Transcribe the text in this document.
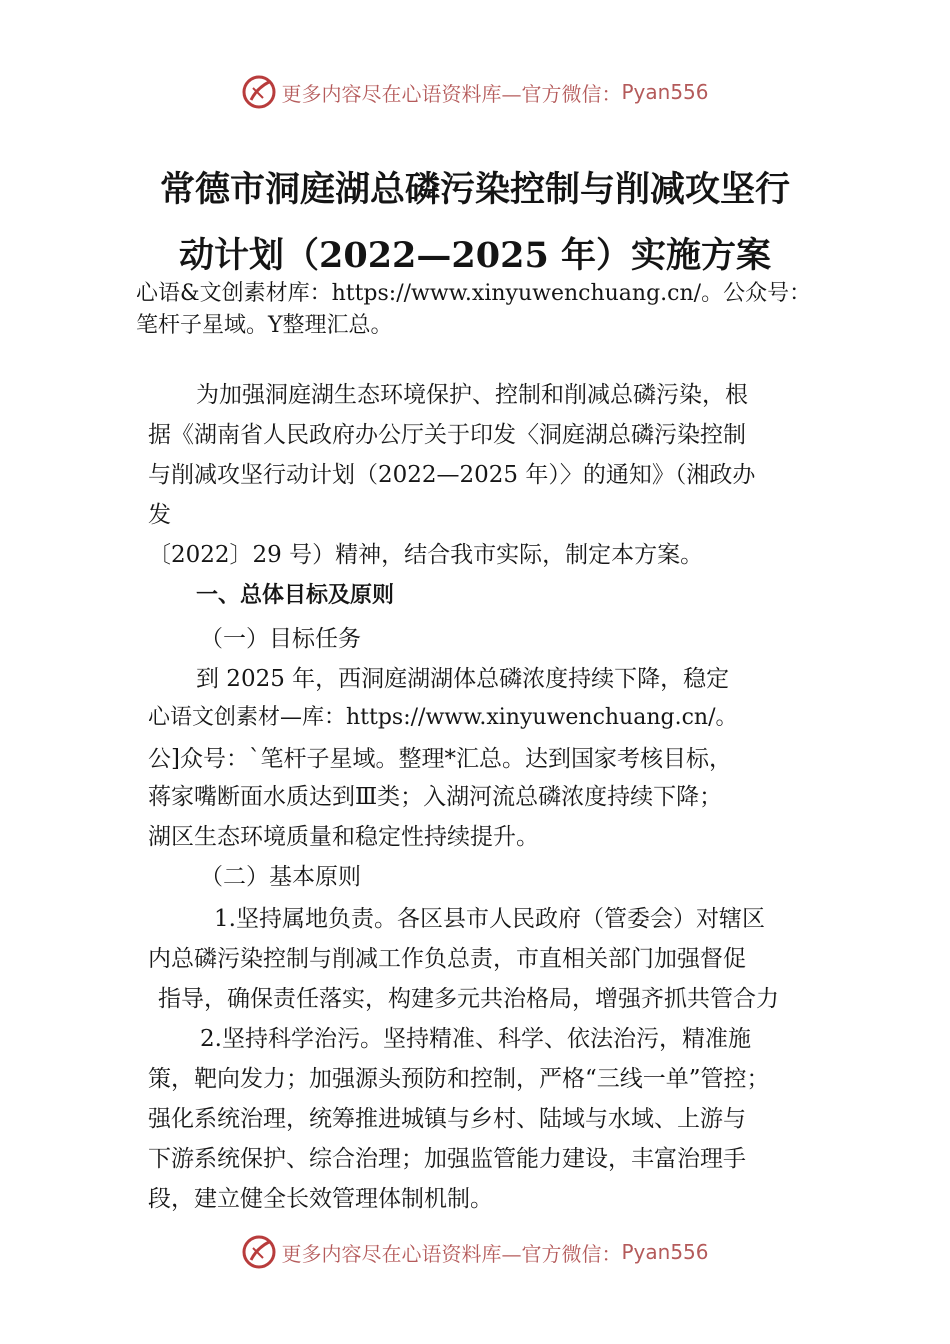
更多内容尽在心语资料库—官方微信： Pyan556
常德市洞庭湖总磷污染控制与削减攻坚行
动计划（2022—2025 年）实施方案
心语&文创素材库：https://www.xinyuwenchuang.cn/。公众号：
笔杆子星域。Y整理汇总。
为加强洞庭湖生态环境保护、控制和削减总磷污染，根
据《湖南省人民政府办公厅关于印发〈洞庭湖总磷污染控制
与削减攻坚行动计划（2022—2025 年）〉的通知》（湘政办
发
〔2022〕29 号）精神，结合我市实际，制定本方案。
一、总体目标及原则
（一）目标任务
到 2025 年，西洞庭湖湖体总磷浓度持续下降，稳定
心语文创素材—库：https://www.xinyuwenchuang.cn/。
公]众号：`笔杆子星域。整理*汇总。达到国家考核目标，
蒋家嘴断面水质达到Ⅲ类；入湖河流总磷浓度持续下降；
湖区生态环境质量和稳定性持续提升。
（二）基本原则
1.坚持属地负责。各区县市人民政府（管委会）对辖区
内总磷污染控制与削减工作负总责，市直相关部门加强督促
指导，确保责任落实，构建多元共治格局，增强齐抓共管合力
2.坚持科学治污。坚持精准、科学、依法治污，精准施
策，靶向发力；加强源头预防和控制，严格“三线一单”管控；
强化系统治理，统筹推进城镇与乡村、陆域与水域、上游与
下游系统保护、综合治理；加强监管能力建设，丰富治理手
段，建立健全长效管理体制机制。
更多内容尽在心语资料库—官方微信： Pyan556
